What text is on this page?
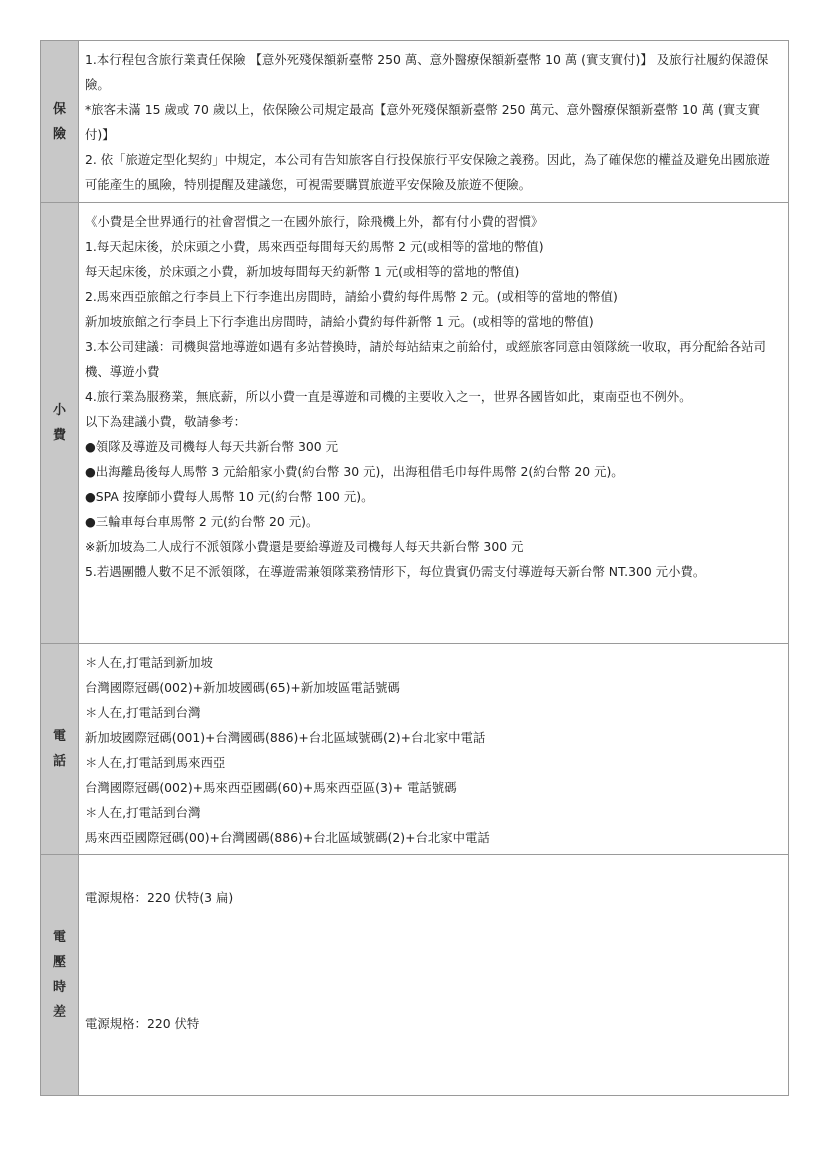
保
險

1.本行程包含旅行業責任保險 【意外死殘保額新臺幣 250 萬、意外醫療保額新臺幣 10 萬 (實支實付)】 及旅行社履約保證保險。

*旅客未滿 15 歲或 70 歲以上，依保險公司規定最高【意外死殘保額新臺幣 250 萬元、意外醫療保額新臺幣 10 萬 (實支實付)】

2. 依「旅遊定型化契約」中規定，本公司有告知旅客自行投保旅行平安保險之義務。因此，為了確保您的權益及避免出國旅遊可能產生的風險，特別提醒及建議您，可視需要購買旅遊平安保險及旅遊不便險。

小
費

《小費是全世界通行的社會習慣之一在國外旅行，除飛機上外，都有付小費的習慣》

1.每天起床後，於床頭之小費，馬來西亞每間每天約馬幣 2 元(或相等的當地的幣值)

每天起床後，於床頭之小費，新加坡每間每天約新幣 1 元(或相等的當地的幣值)

2.馬來西亞旅館之行李員上下行李進出房間時，請給小費約每件馬幣 2 元。(或相等的當地的幣值)

新加坡旅館之行李員上下行李進出房間時，請給小費約每件新幣 1 元。(或相等的當地的幣值)

3.本公司建議：司機與當地導遊如遇有多站替換時，請於每站結束之前給付，或經旅客同意由領隊統一收取，再分配給各站司機、導遊小費

4.旅行業為服務業，無底薪，所以小費一直是導遊和司機的主要收入之一，世界各國皆如此，東南亞也不例外。

以下為建議小費，敬請參考：

●領隊及導遊及司機每人每天共新台幣 300 元

●出海離島後每人馬幣 3 元給船家小費(約台幣 30 元)，出海租借毛巾每件馬幣 2(約台幣 20 元)。

●SPA 按摩師小費每人馬幣 10 元(約台幣 100 元)。

●三輪車每台車馬幣 2 元(約台幣 20 元)。

※新加坡為二人成行不派領隊小費還是要給導遊及司機每人每天共新台幣 300 元

5.若遇團體人數不足不派領隊，在導遊需兼領隊業務情形下，每位貴賓仍需支付導遊每天新台幣 NT.300 元小費。

電
話

＊人在,打電話到新加坡

台灣國際冠碼(002)+新加坡國碼(65)+新加坡區電話號碼

＊人在,打電話到台灣

新加坡國際冠碼(001)+台灣國碼(886)+台北區域號碼(2)+台北家中電話

＊人在,打電話到馬來西亞

台灣國際冠碼(002)+馬來西亞國碼(60)+馬來西亞區(3)+ 電話號碼

＊人在,打電話到台灣

馬來西亞國際冠碼(00)+台灣國碼(886)+台北區域號碼(2)+台北家中電話

電
壓
時
差

電源規格：220 伏特(3 扁)

電源規格：220 伏特
